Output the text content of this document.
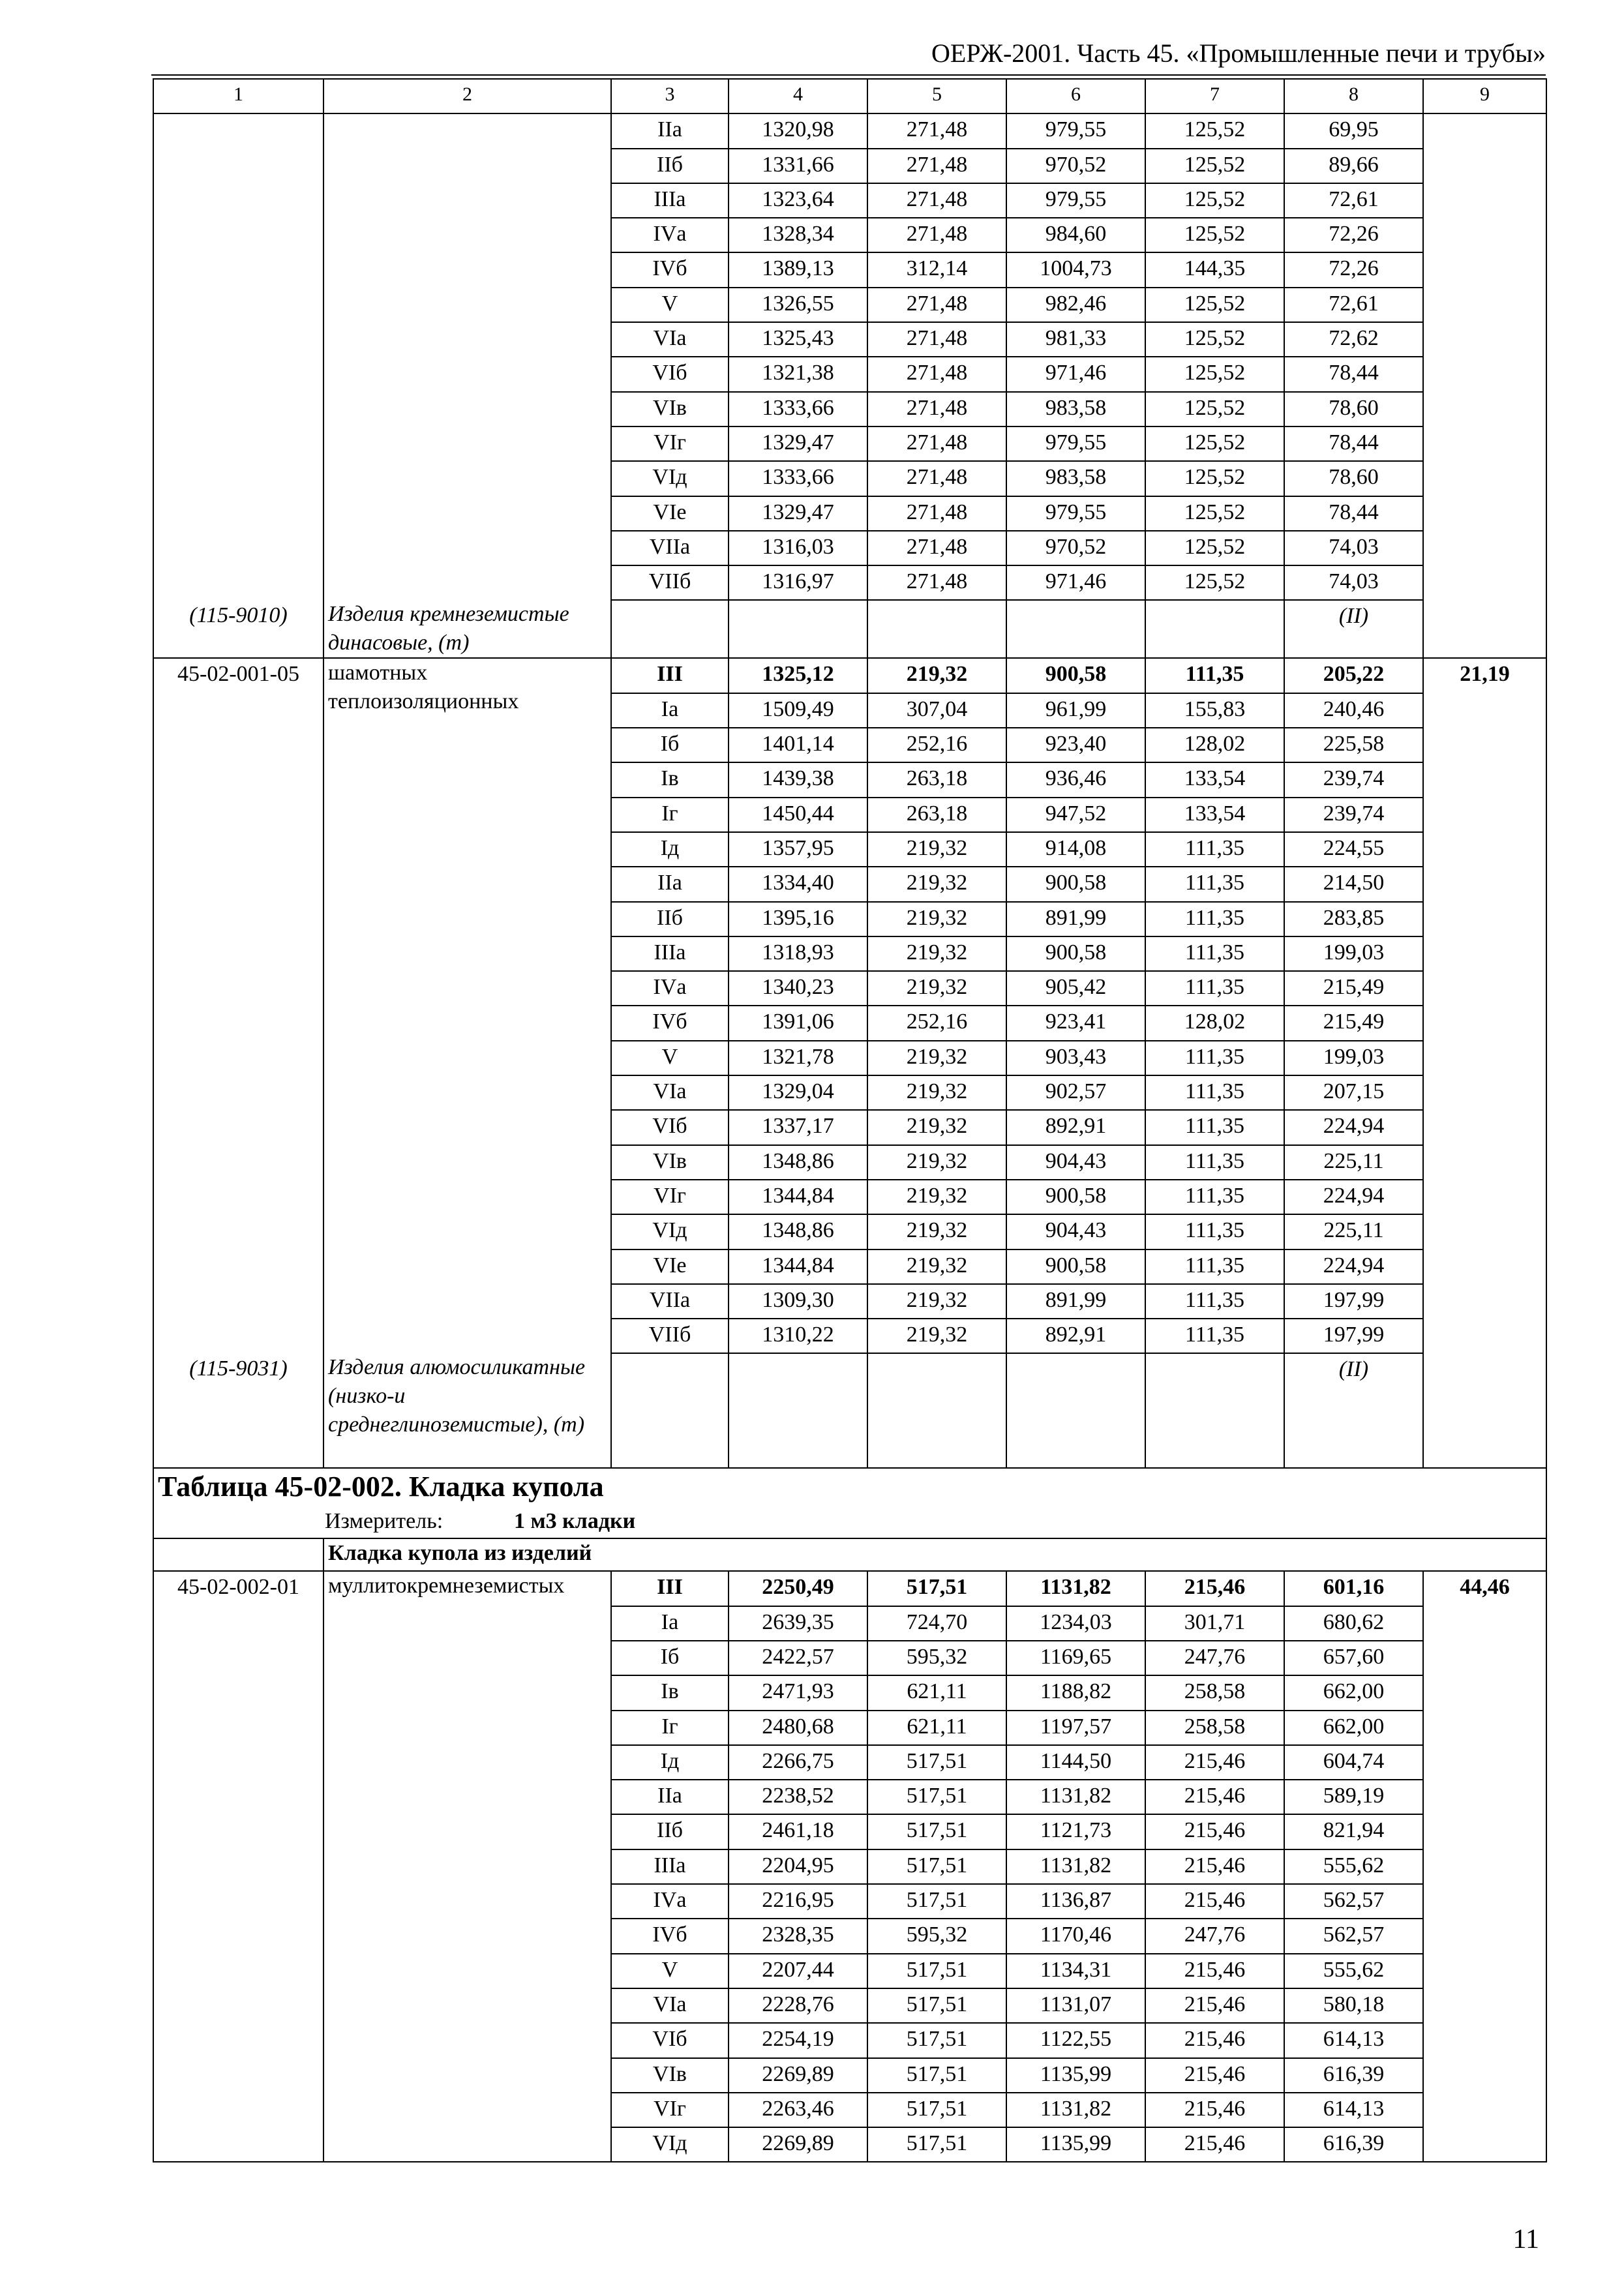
ОЕРЖ-2001. Часть 45. «Промышленные печи и трубы»
1	2	3	4	5	6	7	8	9
		IIа	1320,98	271,48	979,55	125,52	69,95	
		IIб	1331,66	271,48	970,52	125,52	89,66	
		IIIа	1323,64	271,48	979,55	125,52	72,61	
		IVа	1328,34	271,48	984,60	125,52	72,26	
		IVб	1389,13	312,14	1004,73	144,35	72,26	
		V	1326,55	271,48	982,46	125,52	72,61	
		VIа	1325,43	271,48	981,33	125,52	72,62	
		VIб	1321,38	271,48	971,46	125,52	78,44	
		VIв	1333,66	271,48	983,58	125,52	78,60	
		VIг	1329,47	271,48	979,55	125,52	78,44	
		VIд	1333,66	271,48	983,58	125,52	78,60	
		VIе	1329,47	271,48	979,55	125,52	78,44	
		VIIа	1316,03	271,48	970,52	125,52	74,03	
		VIIб	1316,97	271,48	971,46	125,52	74,03	
(115-9010)	Изделия кремнеземистые динасовые, (т)						(II)	
45-02-001-05	шамотных теплоизоляционных	III	1325,12	219,32	900,58	111,35	205,22	21,19
		Iа	1509,49	307,04	961,99	155,83	240,46	
		Iб	1401,14	252,16	923,40	128,02	225,58	
		Iв	1439,38	263,18	936,46	133,54	239,74	
		Iг	1450,44	263,18	947,52	133,54	239,74	
		Iд	1357,95	219,32	914,08	111,35	224,55	
		IIа	1334,40	219,32	900,58	111,35	214,50	
		IIб	1395,16	219,32	891,99	111,35	283,85	
		IIIа	1318,93	219,32	900,58	111,35	199,03	
		IVа	1340,23	219,32	905,42	111,35	215,49	
		IVб	1391,06	252,16	923,41	128,02	215,49	
		V	1321,78	219,32	903,43	111,35	199,03	
		VIа	1329,04	219,32	902,57	111,35	207,15	
		VIб	1337,17	219,32	892,91	111,35	224,94	
		VIв	1348,86	219,32	904,43	111,35	225,11	
		VIг	1344,84	219,32	900,58	111,35	224,94	
		VIд	1348,86	219,32	904,43	111,35	225,11	
		VIе	1344,84	219,32	900,58	111,35	224,94	
		VIIа	1309,30	219,32	891,99	111,35	197,99	
		VIIб	1310,22	219,32	892,91	111,35	197,99	
(115-9031)	Изделия алюмосиликатные (низко-и среднеглиноземистые), (т)						(II)	
Таблица 45-02-002. Кладка купола								
Измеритель: 1 м3 кладки								
	Кладка купола из изделий							
45-02-002-01	муллитокремнеземистых	III	2250,49	517,51	1131,82	215,46	601,16	44,46
		Iа	2639,35	724,70	1234,03	301,71	680,62	
		Iб	2422,57	595,32	1169,65	247,76	657,60	
		Iв	2471,93	621,11	1188,82	258,58	662,00	
		Iг	2480,68	621,11	1197,57	258,58	662,00	
		Iд	2266,75	517,51	1144,50	215,46	604,74	
		IIа	2238,52	517,51	1131,82	215,46	589,19	
		IIб	2461,18	517,51	1121,73	215,46	821,94	
		IIIа	2204,95	517,51	1131,82	215,46	555,62	
		IVа	2216,95	517,51	1136,87	215,46	562,57	
		IVб	2328,35	595,32	1170,46	247,76	562,57	
		V	2207,44	517,51	1134,31	215,46	555,62	
		VIа	2228,76	517,51	1131,07	215,46	580,18	
		VIб	2254,19	517,51	1122,55	215,46	614,13	
		VIв	2269,89	517,51	1135,99	215,46	616,39	
		VIг	2263,46	517,51	1131,82	215,46	614,13	
		VIд	2269,89	517,51	1135,99	215,46	616,39	
11
